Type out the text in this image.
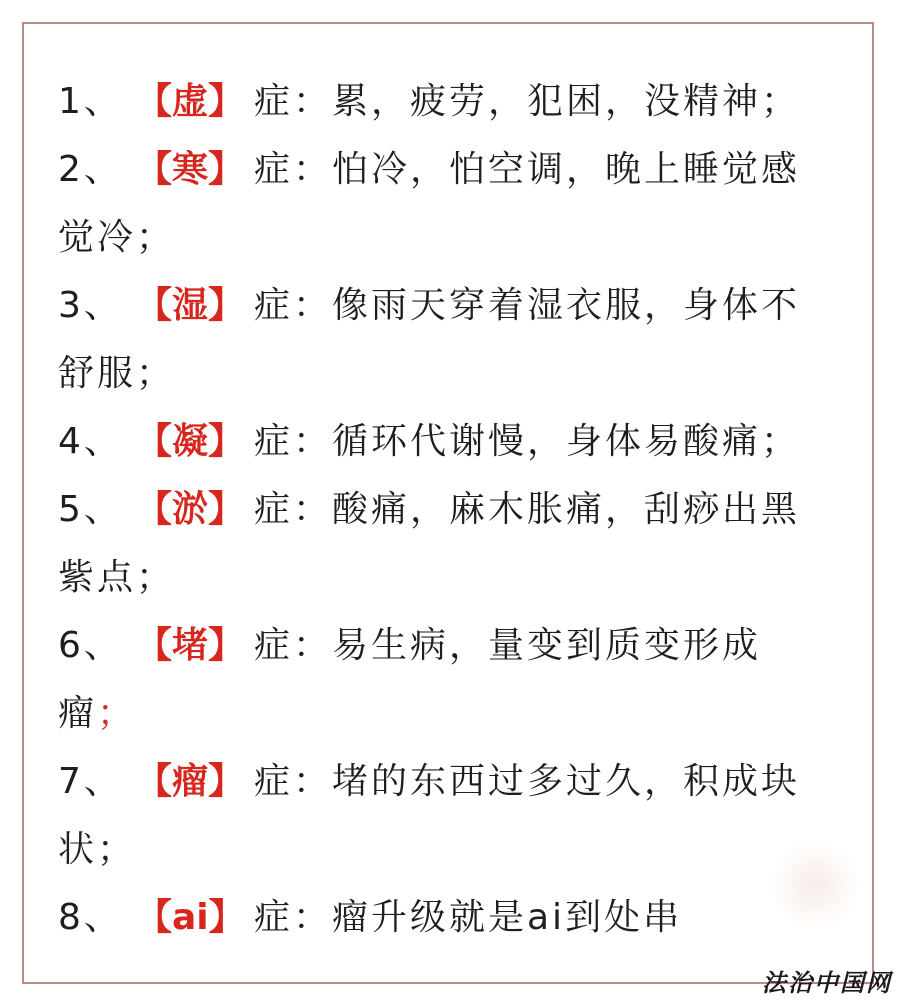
1、 【虚】 症：累，疲劳，犯困，没精神；
2、 【寒】 症：怕冷，怕空调，晚上睡觉感
觉冷；
3、 【湿】 症：像雨天穿着湿衣服，身体不
舒服；
4、 【凝】 症：循环代谢慢，身体易酸痛；
5、 【淤】 症：酸痛，麻木胀痛，刮痧出黑
紫点；
6、 【堵】 症：易生病，量变到质变形成
瘤；
7、 【瘤】 症：堵的东西过多过久，积成块
状；
8、 【ai】 症：瘤升级就是ai到处串
法治中国网
